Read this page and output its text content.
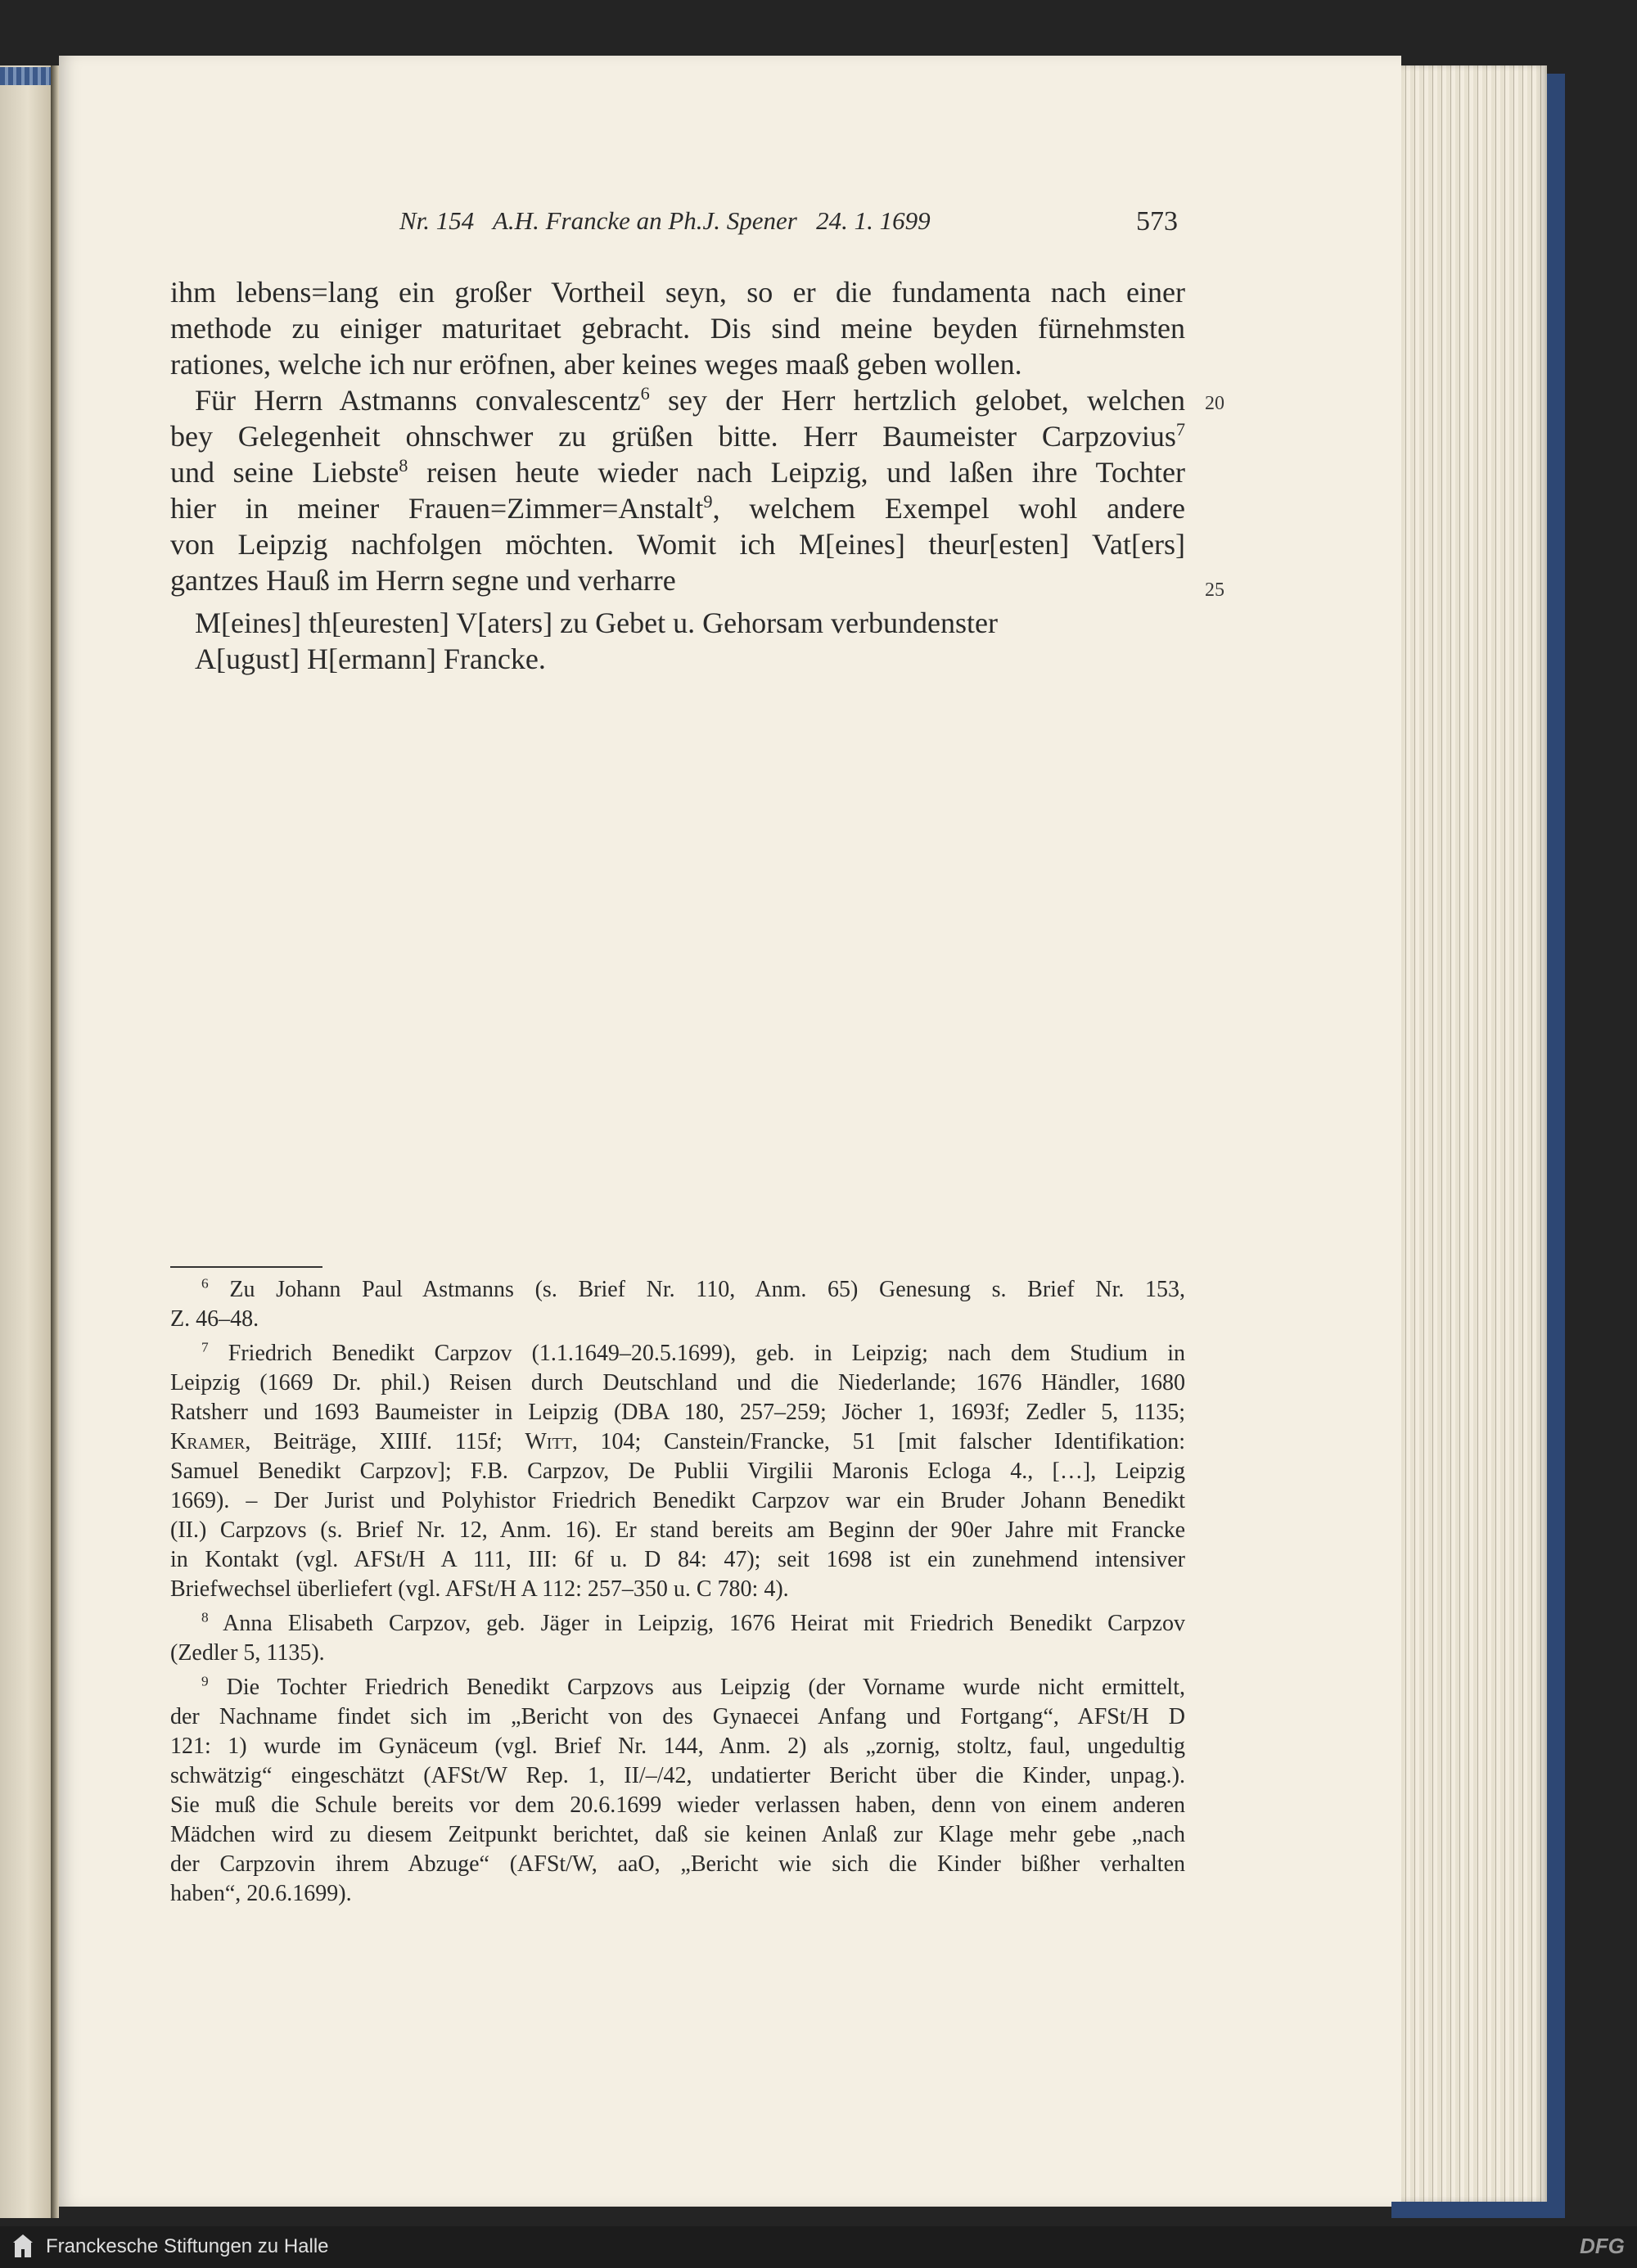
Nr. 154   A.H. Francke an Ph.J. Spener   24. 1. 1699	573
ihm lebens=lang ein großer Vortheil seyn, so er die fundamenta nach einer
methode zu einiger maturitaet gebracht. Dis sind meine beyden fürnehmsten
rationes, welche ich nur eröfnen, aber keines weges maaß geben wollen.
Für Herrn Astmanns convalescentz$^6$ sey der Herr hertzlich gelobet, welchen 20
bey Gelegenheit ohnschwer zu grüßen bitte. Herr Baumeister Carpzovius$^7$
und seine Liebste$^8$ reisen heute wieder nach Leipzig, und laßen ihre Tochter
hier in meiner Frauen=Zimmer=Anstalt$^9$, welchem Exempel wohl andere
von Leipzig nachfolgen möchten. Womit ich M[eines] theur[esten] Vat[ers]
gantzes Hauß im Herrn segne und verharre	25
M[eines] th[euresten] V[aters] zu Gebet u. Gehorsam verbundenster
A[ugust] H[ermann] Francke.
$^6$ Zu Johann Paul Astmanns (s. Brief Nr. 110, Anm. 65) Genesung s. Brief Nr. 153,
Z. 46–48.
$^7$ Friedrich Benedikt Carpzov (1.1.1649–20.5.1699), geb. in Leipzig; nach dem Studium in
Leipzig (1669 Dr. phil.) Reisen durch Deutschland und die Niederlande; 1676 Händler, 1680
Ratsherr und 1693 Baumeister in Leipzig (DBA 180, 257–259; Jöcher 1, 1693f; Zedler 5, 1135;
Kramer, Beiträge, XIIIf. 115f; Witt, 104; Canstein/Francke, 51 [mit falscher Identifikation:
Samuel Benedikt Carpzov]; F.B. Carpzov, De Publii Virgilii Maronis Ecloga 4., […], Leipzig
1669). – Der Jurist und Polyhistor Friedrich Benedikt Carpzov war ein Bruder Johann Benedikt
(II.) Carpzovs (s. Brief Nr. 12, Anm. 16). Er stand bereits am Beginn der 90er Jahre mit Francke
in Kontakt (vgl. AFSt/H A 111, III: 6f u. D 84: 47); seit 1698 ist ein zunehmend intensiver
Briefwechsel überliefert (vgl. AFSt/H A 112: 257–350 u. C 780: 4).
$^8$ Anna Elisabeth Carpzov, geb. Jäger in Leipzig, 1676 Heirat mit Friedrich Benedikt Carpzov
(Zedler 5, 1135).
$^9$ Die Tochter Friedrich Benedikt Carpzovs aus Leipzig (der Vorname wurde nicht ermittelt,
der Nachname findet sich im „Bericht von des Gynaecei Anfang und Fortgang“, AFSt/H D
121: 1) wurde im Gynäceum (vgl. Brief Nr. 144, Anm. 2) als „zornig, stoltz, faul, ungedultig
schwätzig“ eingeschätzt (AFSt/W Rep. 1, II/–/42, undatierter Bericht über die Kinder, unpag.).
Sie muß die Schule bereits vor dem 20.6.1699 wieder verlassen haben, denn von einem anderen
Mädchen wird zu diesem Zeitpunkt berichtet, daß sie keinen Anlaß zur Klage mehr gebe „nach
der Carpzovin ihrem Abzuge“ (AFSt/W, aaO, „Bericht wie sich die Kinder bißher verhalten
haben“, 20.6.1699).
Franckesche Stiftungen zu Halle	DFG
